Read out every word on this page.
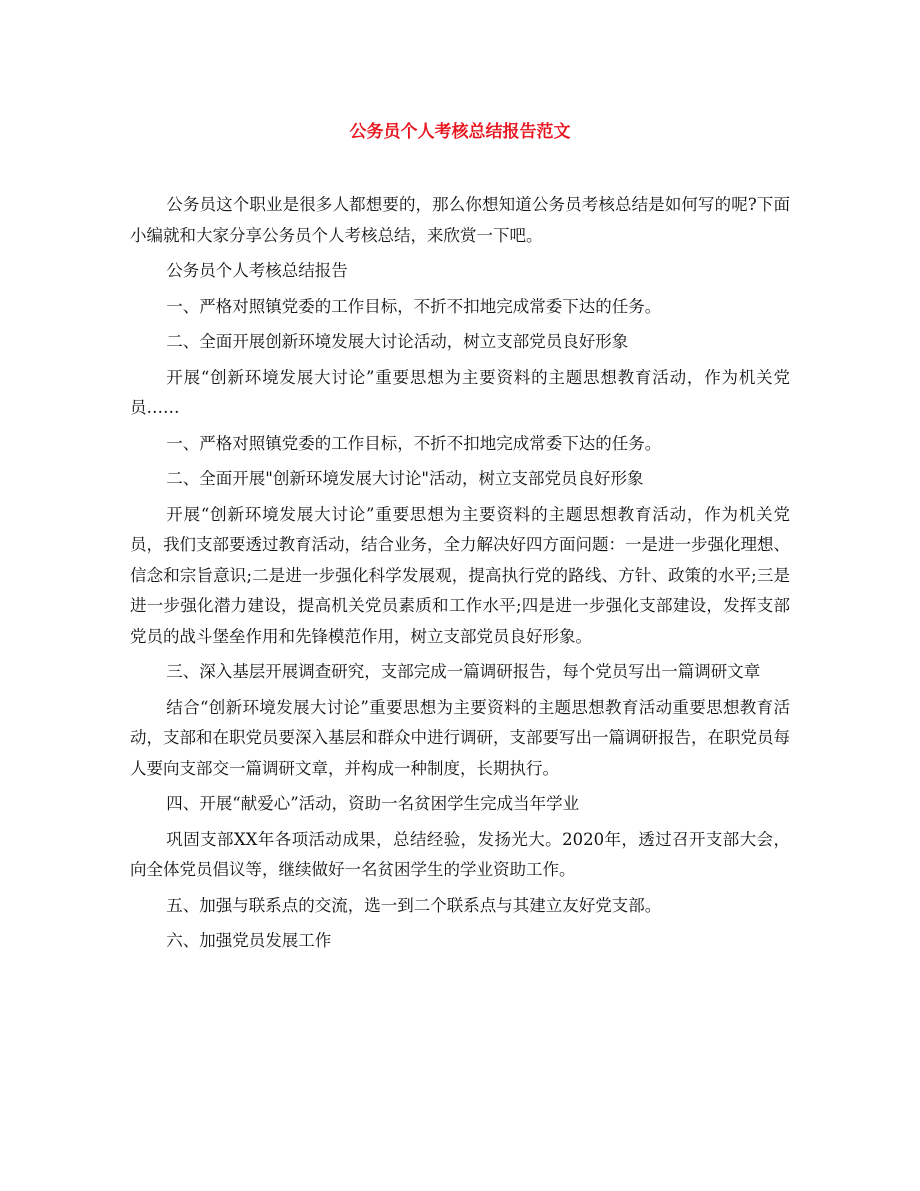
公务员个人考核总结报告范文

公务员这个职业是很多人都想要的，那么你想知道公务员考核总结是如何写的呢?下面小编就和大家分享公务员个人考核总结，来欣赏一下吧。

公务员个人考核总结报告

一、严格对照镇党委的工作目标，不折不扣地完成常委下达的任务。

二、全面开展创新环境发展大讨论活动，树立支部党员良好形象

开展“创新环境发展大讨论”重要思想为主要资料的主题思想教育活动，作为机关党员……

一、严格对照镇党委的工作目标，不折不扣地完成常委下达的任务。

二、全面开展"创新环境发展大讨论"活动，树立支部党员良好形象

开展“创新环境发展大讨论”重要思想为主要资料的主题思想教育活动，作为机关党员，我们支部要透过教育活动，结合业务，全力解决好四方面问题：一是进一步强化理想、信念和宗旨意识;二是进一步强化科学发展观，提高执行党的路线、方针、政策的水平;三是进一步强化潜力建设，提高机关党员素质和工作水平;四是进一步强化支部建设，发挥支部党员的战斗堡垒作用和先锋模范作用，树立支部党员良好形象。

三、深入基层开展调查研究，支部完成一篇调研报告，每个党员写出一篇调研文章

结合“创新环境发展大讨论”重要思想为主要资料的主题思想教育活动重要思想教育活动，支部和在职党员要深入基层和群众中进行调研，支部要写出一篇调研报告，在职党员每人要向支部交一篇调研文章，并构成一种制度，长期执行。

四、开展“献爱心”活动，资助一名贫困学生完成当年学业

巩固支部XX年各项活动成果，总结经验，发扬光大。2020年，透过召开支部大会，向全体党员倡议等，继续做好一名贫困学生的学业资助工作。

五、加强与联系点的交流，选一到二个联系点与其建立友好党支部。

六、加强党员发展工作
